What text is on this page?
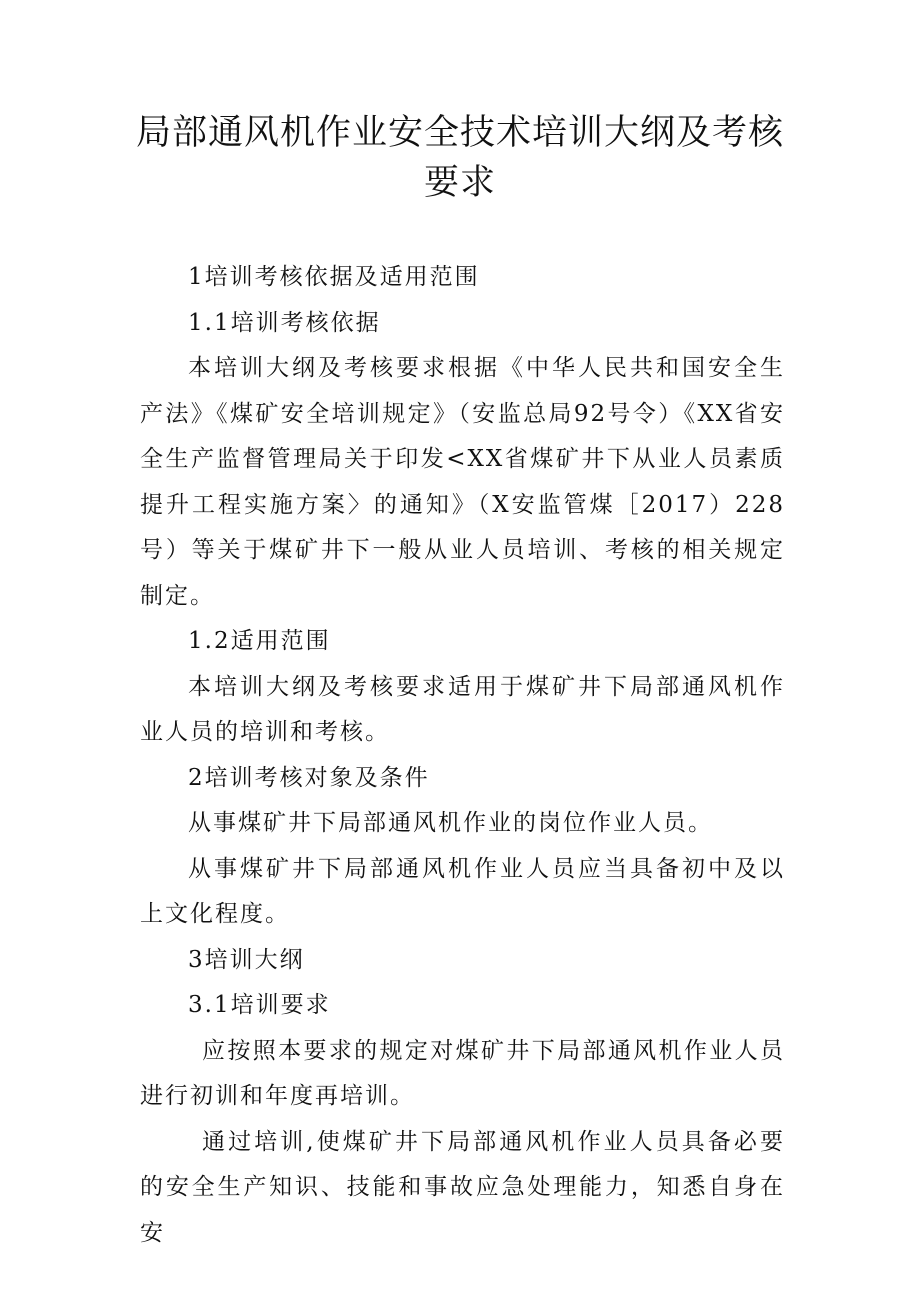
局部通风机作业安全技术培训大纲及考核
要求

1培训考核依据及适用范围

1.1培训考核依据

本培训大纲及考核要求根据《中华人民共和国安全生产法》《煤矿安全培训规定》（安监总局92号令）《XX省安全生产监督管理局关于印发<XX省煤矿井下从业人员素质提升工程实施方案〉的通知》（X安监管煤［2017）228号）等关于煤矿井下一般从业人员培训、考核的相关规定制定。

1.2适用范围

本培训大纲及考核要求适用于煤矿井下局部通风机作业人员的培训和考核。

2培训考核对象及条件

从事煤矿井下局部通风机作业的岗位作业人员。

从事煤矿井下局部通风机作业人员应当具备初中及以上文化程度。

3培训大纲

3.1培训要求

应按照本要求的规定对煤矿井下局部通风机作业人员进行初训和年度再培训。

通过培训,使煤矿井下局部通风机作业人员具备必要的安全生产知识、技能和事故应急处理能力，知悉自身在安
